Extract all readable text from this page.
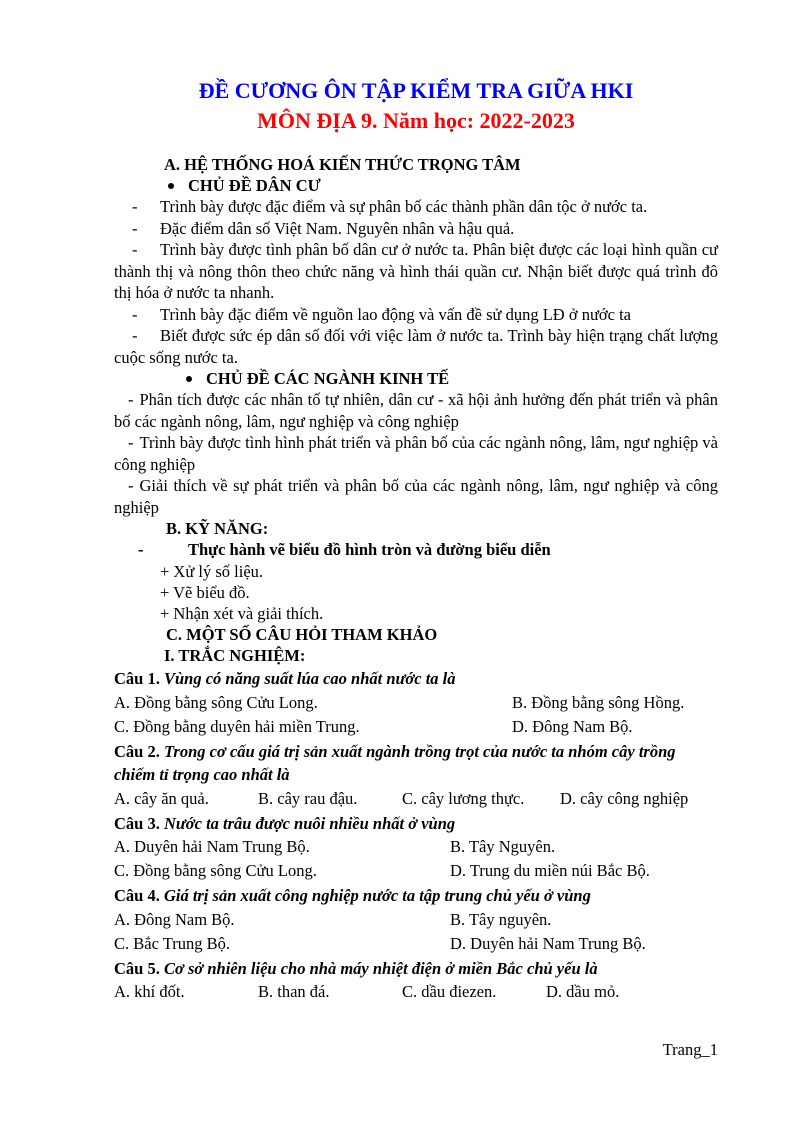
ĐỀ CƯƠNG ÔN TẬP KIỂM TRA GIỮA HKI
MÔN ĐỊA 9. Năm học: 2022-2023
A. HỆ THỐNG HOÁ KIẾN THỨC TRỌNG TÂM
CHỦ ĐỀ DÂN CƯ

- Trình bày được đặc điểm và sự phân bố các thành phần dân tộc ở nước ta.

- Đặc điểm dân số Việt Nam. Nguyên nhân và hậu quả.

- Trình bày được tình phân bố dân cư ở nước ta. Phân biệt được các loại hình quần cư thành thị và nông thôn theo chức năng và hình thái quần cư. Nhận biết được quá trình đô thị hóa ở nước ta nhanh.

- Trình bày đặc điểm về nguồn lao động và vấn đề sử dụng LĐ ở nước ta

- Biết được sức ép dân số đối với việc làm ở nước ta. Trình bày hiện trạng chất lượng cuộc sống nước ta.

CHỦ ĐỀ CÁC NGÀNH KINH TẾ

- Phân tích được các nhân tố tự nhiên, dân cư - xã hội ảnh hưởng đến phát triển và phân bố các ngành nông, lâm, ngư nghiệp và công nghiệp

- Trình bày được tình hình phát triển và phân bố của các ngành nông, lâm, ngư nghiệp và công nghiệp

- Giải thích về sự phát triển và phân bố của các ngành nông, lâm, ngư nghiệp và công nghiệp

B. KỸ NĂNG:
-	Thực hành vẽ biểu đồ hình tròn và đường biểu diễn
+ Xử lý số liệu.
+ Vẽ biểu đồ.
+ Nhận xét và giải thích.
C. MỘT SỐ CÂU HỎI THAM KHẢO
I. TRẮC NGHIỆM:
Câu 1. Vùng có năng suất lúa cao nhất nước ta là
A. Đồng bằng sông Cửu Long.	B. Đồng bằng sông Hồng.
C. Đồng bằng duyên hải miền Trung.	D. Đông Nam Bộ.
Câu 2. Trong cơ cấu giá trị sản xuất ngành trồng trọt của nước ta nhóm cây trồng chiếm tỉ trọng cao nhất là
A. cây ăn quả.	B. cây rau đậu.	C. cây lương thực.	D. cây công nghiệp
Câu 3. Nước ta trâu được nuôi nhiều nhất ở vùng
A. Duyên hải Nam Trung Bộ.	B. Tây Nguyên.
C. Đồng bằng sông Cửu Long.	D. Trung du miền núi Bắc Bộ.
Câu 4. Giá trị sản xuất công nghiệp nước ta tập trung chủ yếu ở vùng
A. Đông Nam Bộ.	B. Tây nguyên.
C. Bắc Trung Bộ.	D. Duyên hải Nam Trung Bộ.
Câu 5. Cơ sở nhiên liệu cho nhà máy nhiệt điện ở miền Bắc chủ yếu là
A. khí đốt.	B. than đá.	C. dầu điezen.	D. dầu mỏ.
Trang_1
